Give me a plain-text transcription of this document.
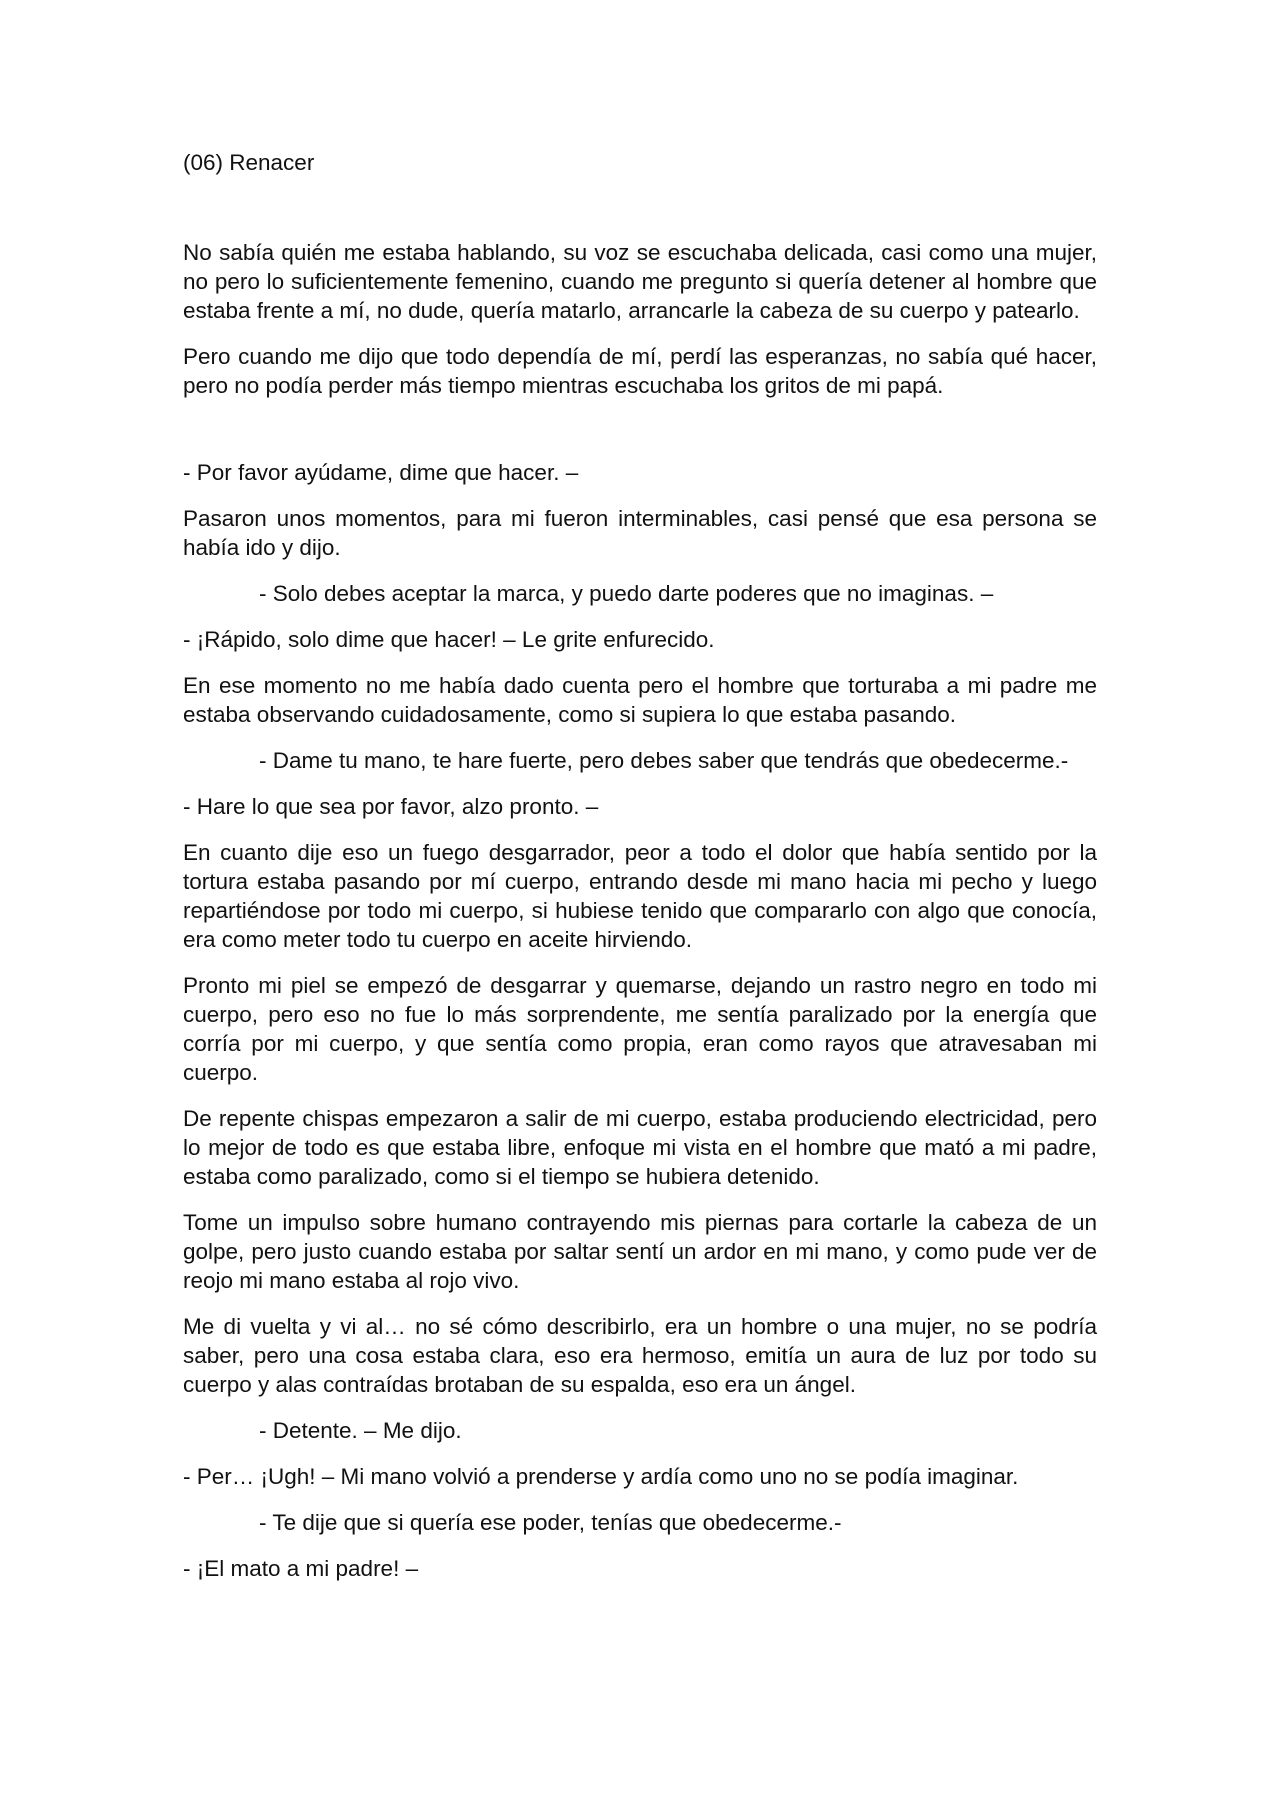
(06) Renacer

No sabía quién me estaba hablando, su voz se escuchaba delicada, casi como una mujer, no pero lo suficientemente femenino, cuando me pregunto si quería detener al hombre que estaba frente a mí, no dude, quería matarlo, arrancarle la cabeza de su cuerpo y patearlo.

Pero cuando me dijo que todo dependía de mí, perdí las esperanzas, no sabía qué hacer, pero no podía perder más tiempo mientras escuchaba los gritos de mi papá.

- Por favor ayúdame, dime que hacer. –

Pasaron unos momentos, para mi fueron interminables, casi pensé que esa persona se había ido y dijo.

- Solo debes aceptar la marca, y puedo darte poderes que no imaginas. –

- ¡Rápido, solo dime que hacer! – Le grite enfurecido.

En ese momento no me había dado cuenta pero el hombre que torturaba a mi padre me estaba observando cuidadosamente, como si supiera lo que estaba pasando.

- Dame tu mano, te hare fuerte, pero debes saber que tendrás que obedecerme.-

- Hare lo que sea por favor, alzo pronto. –

En cuanto dije eso un fuego desgarrador, peor a todo el dolor que había sentido por la tortura estaba pasando por mí cuerpo, entrando desde mi mano hacia mi pecho y luego repartiéndose por todo mi cuerpo, si hubiese tenido que compararlo con algo que conocía, era como meter todo tu cuerpo en aceite hirviendo.

Pronto mi piel se empezó de desgarrar y quemarse, dejando un rastro negro en todo mi cuerpo, pero eso no fue lo más sorprendente, me sentía paralizado por la energía que corría por mi cuerpo, y que sentía como propia, eran como rayos que atravesaban mi cuerpo.

De repente chispas empezaron a salir de mi cuerpo, estaba produciendo electricidad, pero lo mejor de todo es que estaba libre, enfoque mi vista en el hombre que mató a mi padre, estaba como paralizado, como si el tiempo se hubiera detenido.

Tome un impulso sobre humano contrayendo mis piernas para cortarle la cabeza de un golpe, pero justo cuando estaba por saltar sentí un ardor en mi mano, y como pude ver de reojo mi mano estaba al rojo vivo.

Me di vuelta y vi al… no sé cómo describirlo, era un hombre o una mujer, no se podría saber, pero una cosa estaba clara, eso era hermoso, emitía un aura de luz por todo su cuerpo y alas contraídas brotaban de su espalda, eso era un ángel.

- Detente. – Me dijo.

- Per… ¡Ugh! – Mi mano volvió a prenderse y ardía como uno no se podía imaginar.

- Te dije que si quería ese poder, tenías que obedecerme.-

- ¡El mato a mi padre! –
